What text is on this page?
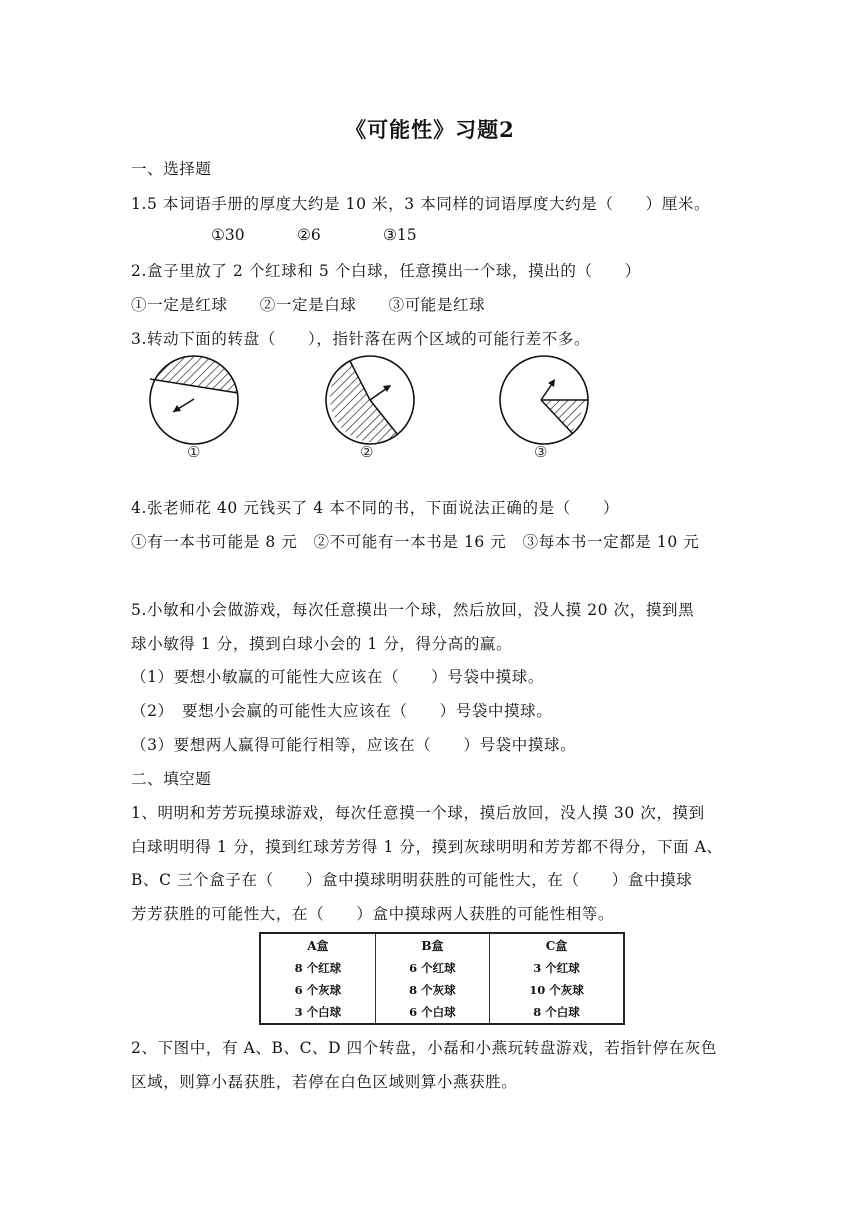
《可能性》习题2
一、选择题
1.5 本词语手册的厚度大约是 10 米，3 本同样的词语厚度大约是（　　）厘米。
①30	②6	③15
2.盒子里放了 2 个红球和 5 个白球，任意摸出一个球，摸出的（　　）
①一定是红球　　②一定是白球　　③可能是红球
3.转动下面的转盘（　　），指针落在两个区域的可能行差不多。
①	②	③
4.张老师花 40 元钱买了 4 本不同的书，下面说法正确的是（　　）
①有一本书可能是 8 元　②不可能有一本书是 16 元　③每本书一定都是 10 元
5.小敏和小会做游戏，每次任意摸出一个球，然后放回，没人摸 20 次，摸到黑
球小敏得 1 分，摸到白球小会的 1 分，得分高的赢。
（1）要想小敏赢的可能性大应该在（　　）号袋中摸球。
（2）　要想小会赢的可能性大应该在（　　）号袋中摸球。
（3）要想两人赢得可能行相等，应该在（　　）号袋中摸球。
二、填空题
1、明明和芳芳玩摸球游戏，每次任意摸一个球，摸后放回，没人摸 30 次，摸到
白球明明得 1 分，摸到红球芳芳得 1 分，摸到灰球明明和芳芳都不得分，下面 A、
B、C 三个盒子在（　　）盒中摸球明明获胜的可能性大，在（　　）盒中摸球
芳芳获胜的可能性大，在（　　）盒中摸球两人获胜的可能性相等。
A盒	B盒	C盒
8 个红球	6 个红球	3 个红球
6 个灰球	8 个灰球	10 个灰球
3 个白球	6 个白球	8 个白球
2、下图中，有 A、B、C、D 四个转盘，小磊和小燕玩转盘游戏，若指针停在灰色
区域，则算小磊获胜，若停在白色区域则算小燕获胜。
